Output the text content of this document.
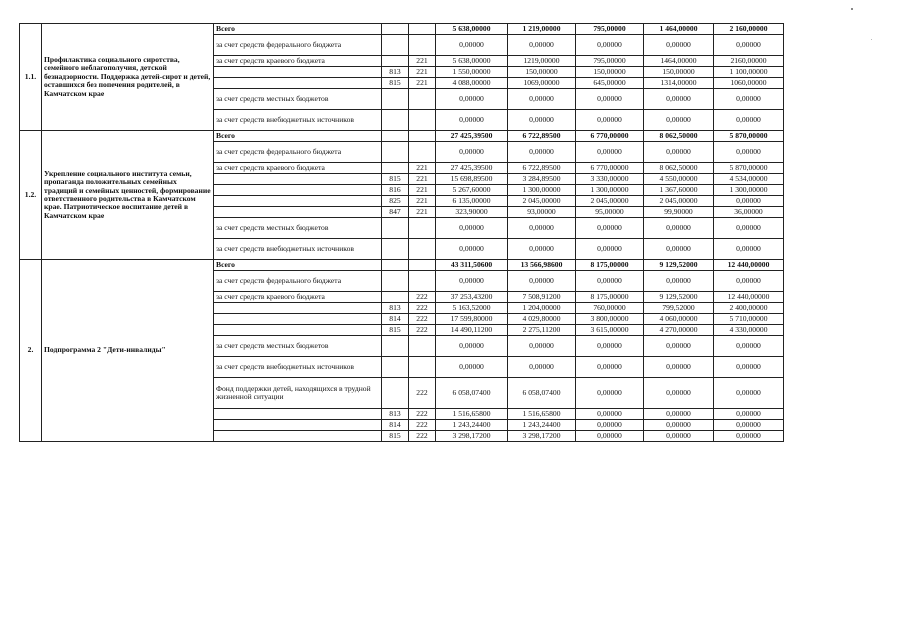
1.1.	Профилактика социального сиротства, семейного неблагополучия, детской безнадзорности. Поддержка детей-сирот и детей, оставшихся без попечения родителей, в Камчатском крае	Всего			5 638,00000	1 219,00000	795,00000	1 464,00000	2 160,00000
		за счет средств федерального бюджета			0,00000	0,00000	0,00000	0,00000	0,00000
		за счет средств краевого бюджета		221	5 638,00000	1219,00000	795,00000	1464,00000	2160,00000
			813	221	1 550,00000	150,00000	150,00000	150,00000	1 100,00000
			815	221	4 088,00000	1069,00000	645,00000	1314,00000	1060,00000
		за счет средств местных бюджетов			0,00000	0,00000	0,00000	0,00000	0,00000
		за счет средств внебюджетных источников			0,00000	0,00000	0,00000	0,00000	0,00000
1.2.	Укрепление социального института семьи, пропаганда положительных семейных традиций и семейных ценностей, формирование ответственного родительства в Камчатском крае. Патриотическое воспитание детей в Камчатском крае	Всего			27 425,39500	6 722,89500	6 770,00000	8 062,50000	5 870,00000
		за счет средств федерального бюджета			0,00000	0,00000	0,00000	0,00000	0,00000
		за счет средств краевого бюджета		221	27 425,39500	6 722,89500	6 770,00000	8 062,50000	5 870,00000
			815	221	15 698,89500	3 284,89500	3 330,00000	4 550,00000	4 534,00000
			816	221	5 267,60000	1 300,00000	1 300,00000	1 367,60000	1 300,00000
			825	221	6 135,00000	2 045,00000	2 045,00000	2 045,00000	0,00000
			847	221	323,90000	93,00000	95,00000	99,90000	36,00000
		за счет средств местных бюджетов			0,00000	0,00000	0,00000	0,00000	0,00000
		за счет средств внебюджетных источников			0,00000	0,00000	0,00000	0,00000	0,00000
2.	Подпрограмма 2 "Дети-инвалиды"	Всего			43 311,50600	13 566,98600	8 175,00000	9 129,52000	12 440,00000
		за счет средств федерального бюджета			0,00000	0,00000	0,00000	0,00000	0,00000
		за счет средств краевого бюджета		222	37 253,43200	7 508,91200	8 175,00000	9 129,52000	12 440,00000
			813	222	5 163,52000	1 204,00000	760,00000	799,52000	2 400,00000
			814	222	17 599,80000	4 029,80000	3 800,00000	4 060,00000	5 710,00000
			815	222	14 490,11200	2 275,11200	3 615,00000	4 270,00000	4 330,00000
		за счет средств местных бюджетов			0,00000	0,00000	0,00000	0,00000	0,00000
		за счет средств внебюджетных источников			0,00000	0,00000	0,00000	0,00000	0,00000
		Фонд поддержки детей, находящихся в трудной жизненной ситуации		222	6 058,07400	6 058,07400	0,00000	0,00000	0,00000
			813	222	1 516,65800	1 516,65800	0,00000	0,00000	0,00000
			814	222	1 243,24400	1 243,24400	0,00000	0,00000	0,00000
			815	222	3 298,17200	3 298,17200	0,00000	0,00000	0,00000
